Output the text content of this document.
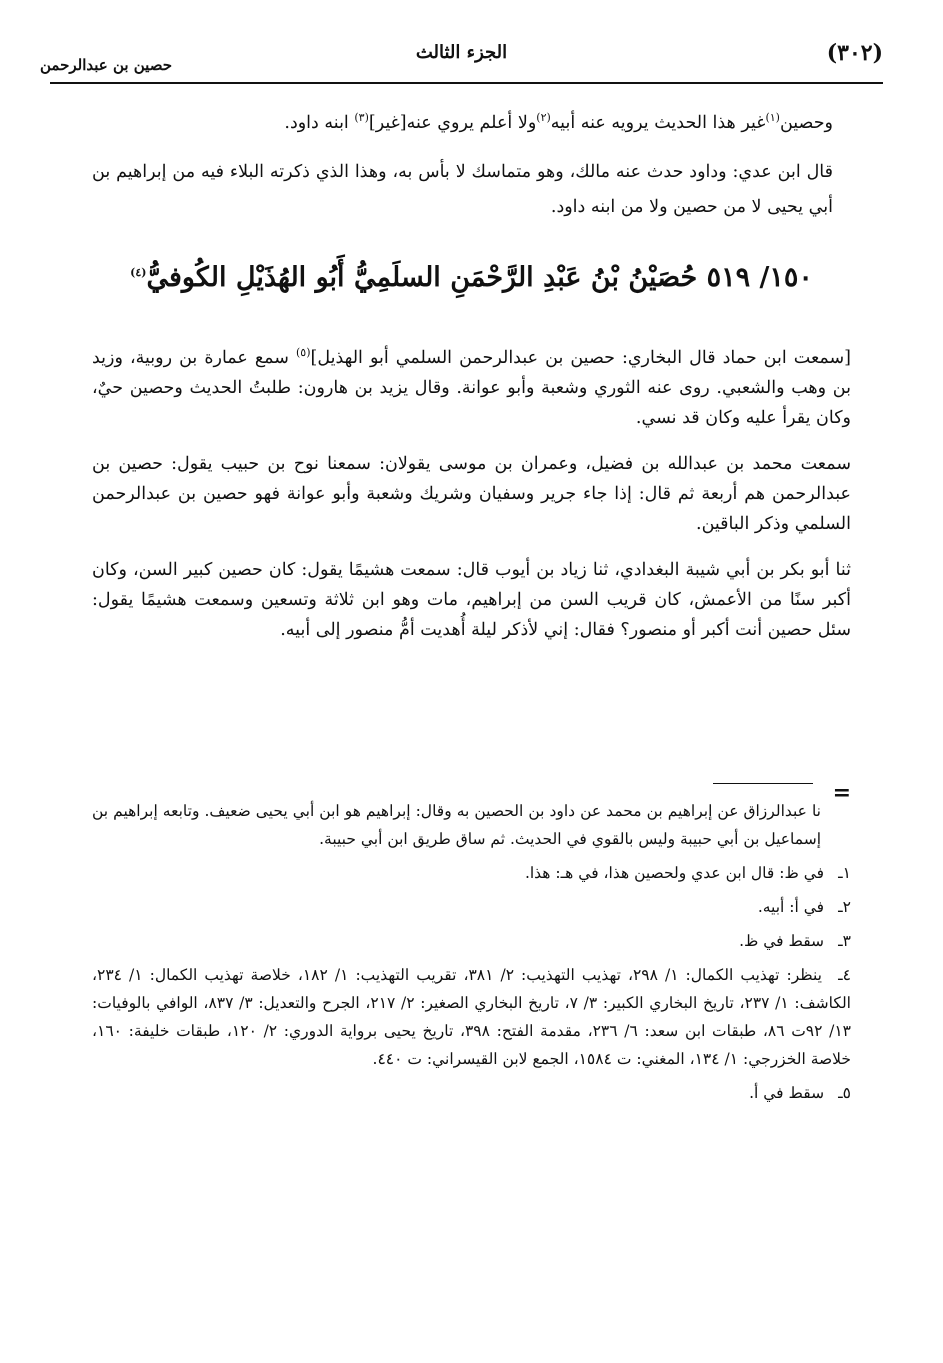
(٣٠٢)
الجزء الثالث
حصين بن عبدالرحمن

وحصين$^{(١)}$غير هذا الحديث يرويه عنه أبيه$^{(٢)}$ولا أعلم يروي عنه[غير]$^{(٣)}$ ابنه داود.

قال ابن عدي: وداود حدث عنه مالك، وهو متماسك لا بأس به، وهذا الذي ذكرته البلاء فيه من إبراهيم بن أبي يحيى لا من حصين ولا من ابنه داود.

١٥٠/ ٥١٩ حُصَيْنُ بْنُ عَبْدِ الرَّحْمَنِ السلَمِيُّ أَبُو الهُذَيْلِ الكُوفيُّ$^{(٤)}$

[سمعت ابن حماد قال البخاري: حصين بن عبدالرحمن السلمي أبو الهذيل]$^{(٥)}$ سمع عمارة بن روبية، وزيد بن وهب والشعبي. روى عنه الثوري وشعبة وأبو عوانة. وقال يزيد بن هارون: طلبتُ الحديث وحصين حيٌ، وكان يقرأ عليه وكان قد نسي.

سمعت محمد بن عبدالله بن فضيل، وعمران بن موسى يقولان: سمعنا نوح بن حبيب يقول: حصين بن عبدالرحمن هم أربعة ثم قال: إذا جاء جرير وسفيان وشريك وشعبة وأبو عوانة فهو حصين بن عبدالرحمن السلمي وذكر الباقين.

ثنا أبو بكر بن أبي شيبة البغدادي، ثنا زياد بن أيوب قال: سمعت هشيمًا يقول: كان حصين كبير السن، وكان أكبر سنًا من الأعمش، كان قريب السن من إبراهيم، مات وهو ابن ثلاثة وتسعين وسمعت هشيمًا يقول: سئل حصين أنت أكبر أو منصور؟ فقال: إني لأذكر ليلة أُهديت أمُّ منصور إلى أبيه.

=

نا عبدالرزاق عن إبراهيم بن محمد عن داود بن الحصين به وقال: إبراهيم هو ابن أبي يحيى ضعيف. وتابعه إبراهيم بن إسماعيل بن أبي حبيبة وليس بالقوي في الحديث. ثم ساق طريق ابن أبي حبيبة.

١ـ في ظ: قال ابن عدي ولحصين هذا، في هـ: هذا.

٢ـ في أ: أبيه.

٣ـ سقط في ظ.

٤ـ ينظر: تهذيب الكمال: ١/ ٢٩٨، تهذيب التهذيب: ٢/ ٣٨١، تقريب التهذيب: ١/ ١٨٢، خلاصة تهذيب الكمال: ١/ ٢٣٤، الكاشف: ١/ ٢٣٧، تاريخ البخاري الكبير: ٣/ ٧، تاريخ البخاري الصغير: ٢/ ٢١٧، الجرح والتعديل: ٣/ ٨٣٧، الوافي بالوفيات: ١٣/ ٩٢ت ٨٦، طبقات ابن سعد: ٦/ ٢٣٦، مقدمة الفتح: ٣٩٨، تاريخ يحيى برواية الدوري: ٢/ ١٢٠، طبقات خليفة: ١٦٠، خلاصة الخزرجي: ١/ ١٣٤، المغني: ت ١٥٨٤، الجمع لابن القيسراني: ت ٤٤٠.

٥ـ سقط في أ.
